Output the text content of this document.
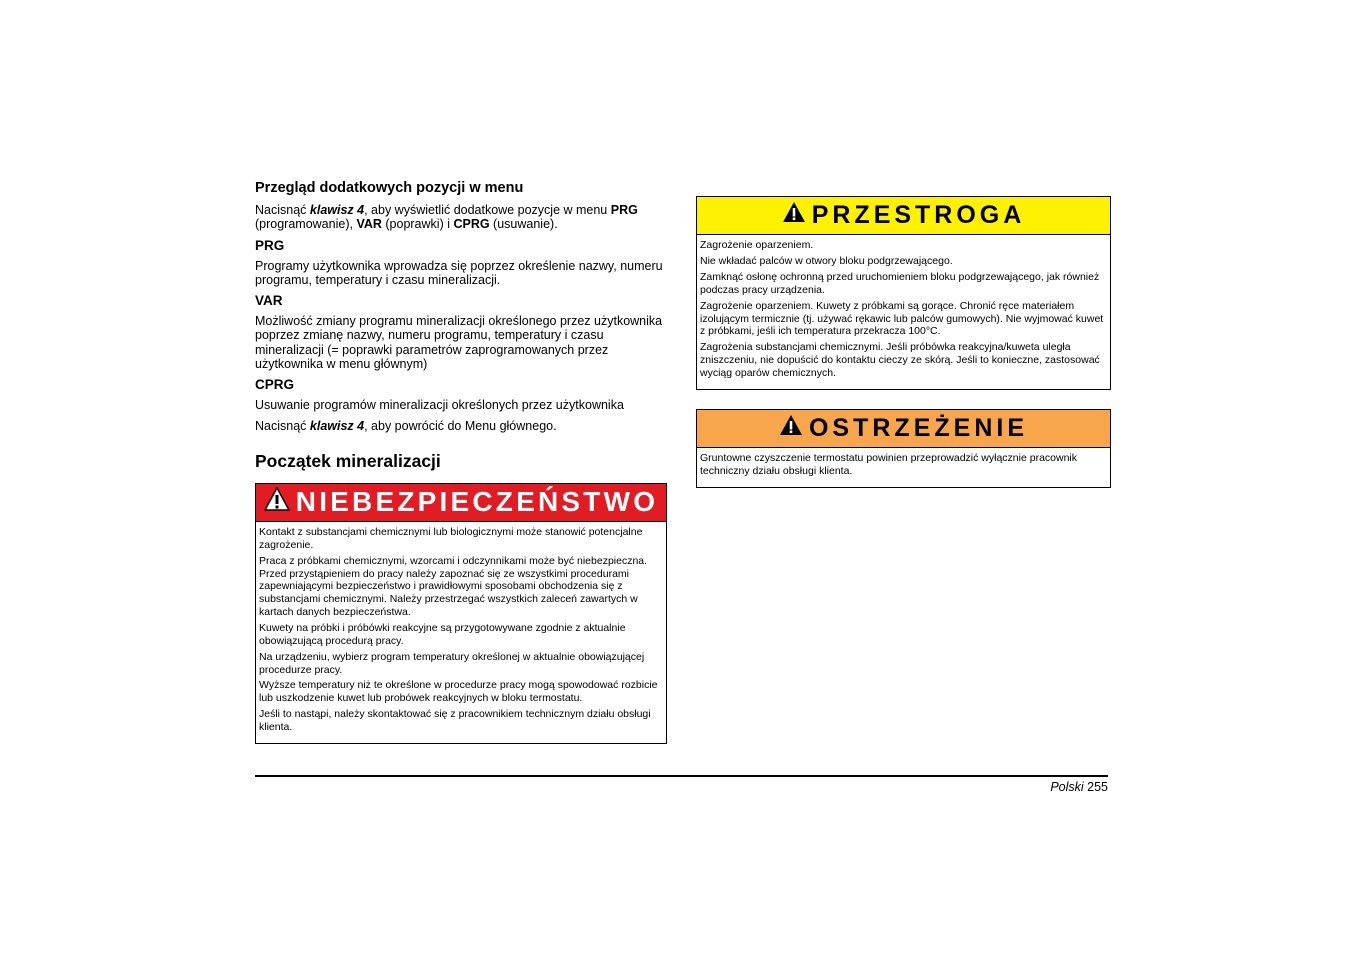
Przegląd dodatkowych pozycji w menu

Nacisnąć klawisz 4, aby wyświetlić dodatkowe pozycje w menu PRG (programowanie), VAR (poprawki) i CPRG (usuwanie).

PRG

Programy użytkownika wprowadza się poprzez określenie nazwy, numeru programu, temperatury i czasu mineralizacji.

VAR

Możliwość zmiany programu mineralizacji określonego przez użytkownika poprzez zmianę nazwy, numeru programu, temperatury i czasu mineralizacji (= poprawki parametrów zaprogramowanych przez użytkownika w menu głównym)

CPRG

Usuwanie programów mineralizacji określonych przez użytkownika

Nacisnąć klawisz 4, aby powrócić do Menu głównego.

Początek mineralizacji
NIEBEZPIECZEŃSTWO

Kontakt z substancjami chemicznymi lub biologicznymi może stanowić potencjalne zagrożenie.

Praca z próbkami chemicznymi, wzorcami i odczynnikami może być niebezpieczna. Przed przystąpieniem do pracy należy zapoznać się ze wszystkimi procedurami zapewniającymi bezpieczeństwo i prawidłowymi sposobami obchodzenia się z substancjami chemicznymi. Należy przestrzegać wszystkich zaleceń zawartych w kartach danych bezpieczeństwa.

Kuwety na próbki i próbówki reakcyjne są przygotowywane zgodnie z aktualnie obowiązującą procedurą pracy.

Na urządzeniu, wybierz program temperatury określonej w aktualnie obowiązującej procedurze pracy.

Wyższe temperatury niż te określone w procedurze pracy mogą spowodować rozbicie lub uszkodzenie kuwet lub probówek reakcyjnych w bloku termostatu.

Jeśli to nastąpi, należy skontaktować się z pracownikiem technicznym działu obsługi klienta.

PRZESTROGA

Zagrożenie oparzeniem.

Nie wkładać palców w otwory bloku podgrzewającego.

Zamknąć osłonę ochronną przed uruchomieniem bloku podgrzewającego, jak również podczas pracy urządzenia.

Zagrożenie oparzeniem. Kuwety z próbkami są gorące. Chronić ręce materiałem izolującym termicznie (tj. używać rękawic lub palców gumowych). Nie wyjmować kuwet z próbkami, jeśli ich temperatura przekracza 100°C.

Zagrożenia substancjami chemicznymi. Jeśli próbówka reakcyjna/kuweta uległa zniszczeniu, nie dopuścić do kontaktu cieczy ze skórą. Jeśli to konieczne, zastosować wyciąg oparów chemicznych.

OSTRZEŻENIE

Gruntowne czyszczenie termostatu powinien przeprowadzić wyłącznie pracownik techniczny działu obsługi klienta.

Polski 255
